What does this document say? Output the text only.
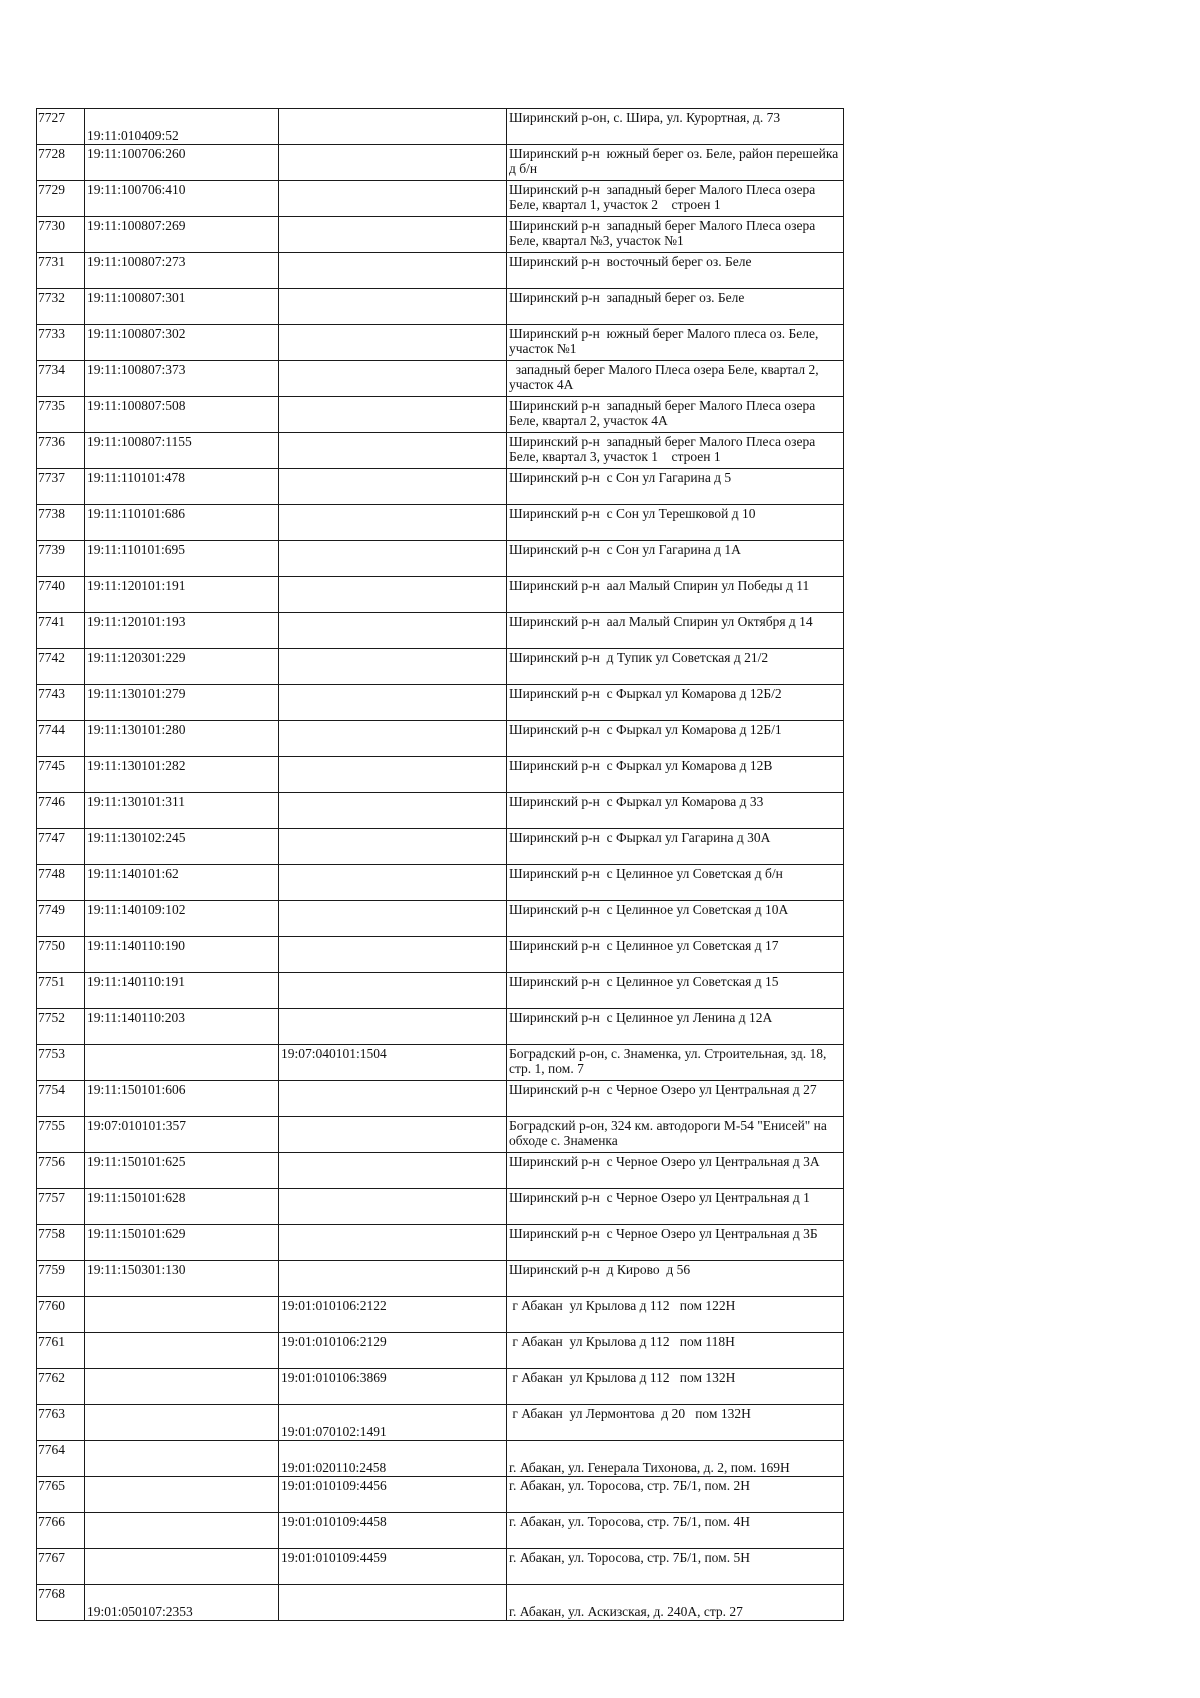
7727	19:11:010409:52		Ширинский р-он, с. Шира, ул. Курортная, д. 73

7728	19:11:100706:260		Ширинский р-н  южный берег оз. Беле, район перешейка  д б/н

7729	19:11:100706:410		Ширинский р-н  западный берег Малого Плеса озера Беле, квартал 1, участок 2    строен 1

7730	19:11:100807:269		Ширинский р-н  западный берег Малого Плеса озера  Беле, квартал №3, участок №1

7731	19:11:100807:273		Ширинский р-н  восточный берег оз. Беле

7732	19:11:100807:301		Ширинский р-н  западный берег оз. Беле

7733	19:11:100807:302		Ширинский р-н  южный берег Малого плеса оз. Беле, участок №1

7734	19:11:100807:373		западный берег Малого Плеса озера Беле, квартал 2, участок 4А

7735	19:11:100807:508		Ширинский р-н  западный берег Малого Плеса озера Беле, квартал 2, участок 4А

7736	19:11:100807:1155		Ширинский р-н  западный берег Малого Плеса озера Беле, квартал 3, участок 1    строен 1

7737	19:11:110101:478		Ширинский р-н  с Сон ул Гагарина д 5

7738	19:11:110101:686		Ширинский р-н  с Сон ул Терешковой д 10

7739	19:11:110101:695		Ширинский р-н  с Сон ул Гагарина д 1А

7740	19:11:120101:191		Ширинский р-н  аал Малый Спирин ул Победы д 11

7741	19:11:120101:193		Ширинский р-н  аал Малый Спирин ул Октября д 14

7742	19:11:120301:229		Ширинский р-н  д Тупик ул Советская д 21/2

7743	19:11:130101:279		Ширинский р-н  с Фыркал ул Комарова д 12Б/2

7744	19:11:130101:280		Ширинский р-н  с Фыркал ул Комарова д 12Б/1

7745	19:11:130101:282		Ширинский р-н  с Фыркал ул Комарова д 12В

7746	19:11:130101:311		Ширинский р-н  с Фыркал ул Комарова д 33

7747	19:11:130102:245		Ширинский р-н  с Фыркал ул Гагарина д 30А

7748	19:11:140101:62		Ширинский р-н  с Целинное ул Советская д б/н

7749	19:11:140109:102		Ширинский р-н  с Целинное ул Советская д 10А

7750	19:11:140110:190		Ширинский р-н  с Целинное ул Советская д 17

7751	19:11:140110:191		Ширинский р-н  с Целинное ул Советская д 15

7752	19:11:140110:203		Ширинский р-н  с Целинное ул Ленина д 12А

7753		19:07:040101:1504	Боградский р-он, с. Знаменка, ул. Строительная, зд. 18, стр. 1, пом. 7

7754	19:11:150101:606		Ширинский р-н  с Черное Озеро ул Центральная д 27

7755	19:07:010101:357		Боградский р-он, 324 км. автодороги М-54 "Енисей" на обходе с. Знаменка

7756	19:11:150101:625		Ширинский р-н  с Черное Озеро ул Центральная д 3А

7757	19:11:150101:628		Ширинский р-н  с Черное Озеро ул Центральная д 1

7758	19:11:150101:629		Ширинский р-н  с Черное Озеро ул Центральная д 3Б

7759	19:11:150301:130		Ширинский р-н  д Кирово  д 56

7760		19:01:010106:2122	г Абакан  ул Крылова д 112   пом 122Н

7761		19:01:010106:2129	г Абакан  ул Крылова д 112   пом 118Н

7762		19:01:010106:3869	г Абакан  ул Крылова д 112   пом 132Н

7763		19:01:070102:1491	г Абакан  ул Лермонтова  д 20   пом 132Н

7764		19:01:020110:2458	г. Абакан, ул. Генерала Тихонова, д. 2, пом. 169Н

7765		19:01:010109:4456	г. Абакан, ул. Торосова, стр. 7Б/1, пом. 2Н

7766		19:01:010109:4458	г. Абакан, ул. Торосова, стр. 7Б/1, пом. 4Н

7767		19:01:010109:4459	г. Абакан, ул. Торосова, стр. 7Б/1, пом. 5Н

7768	19:01:050107:2353		г. Абакан, ул. Аскизская, д. 240А, стр. 27
